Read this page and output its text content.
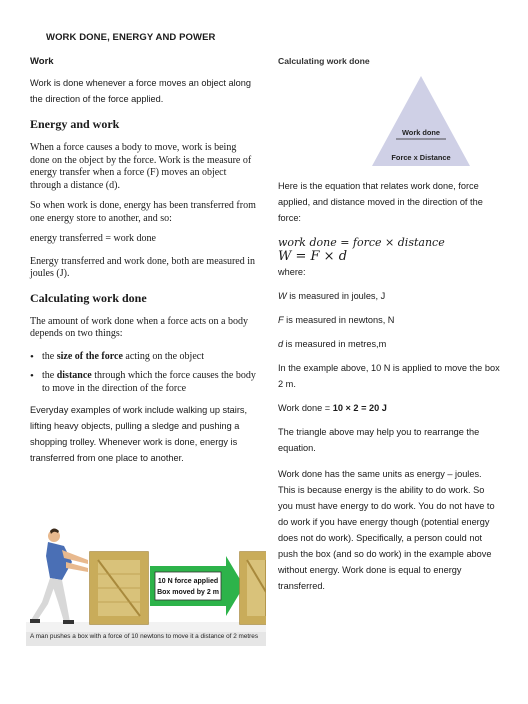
WORK DONE, ENERGY AND POWER

Work

Work is done whenever a force moves an object along the direction of the force applied.

Energy and work

When a force causes a body to move, work is being done on the object by the force. Work is the measure of energy transfer when a force (F) moves an object through a distance (d).

So when work is done, energy has been transferred from one energy store to another, and so:

energy transferred = work done

Energy transferred and work done, both are measured in joules (J).

Calculating work done

The amount of work done when a force acts on a body depends on two things:

• the size of the force acting on the object
• the distance through which the force causes the body to move in the direction of the force

Everyday examples of work include walking up stairs, lifting heavy objects, pulling a sledge and pushing a shopping trolley. Whenever work is done, energy is transferred from one place to another.

10 N force applied
Box moved by 2 m
A man pushes a box with a force of 10 newtons to move it a distance of 2 metres

Calculating work done

Work done
Force x Distance

Here is the equation that relates work done, force applied, and distance moved in the direction of the force:

work done = force × distance

W = F × d

where:

W is measured in joules, J

F is measured in newtons, N

d is measured in metres,m

In the example above, 10 N is applied to move the box 2 m.

Work done = 10 × 2 = 20 J

The triangle above may help you to rearrange the equation.

Work done has the same units as energy – joules. This is because energy is the ability to do work. So you must have energy to do work. You do not have to do work if you have energy though (potential energy does not do work). Specifically, a person could not push the box (and so do work) in the example above without energy. Work done is equal to energy transferred.
